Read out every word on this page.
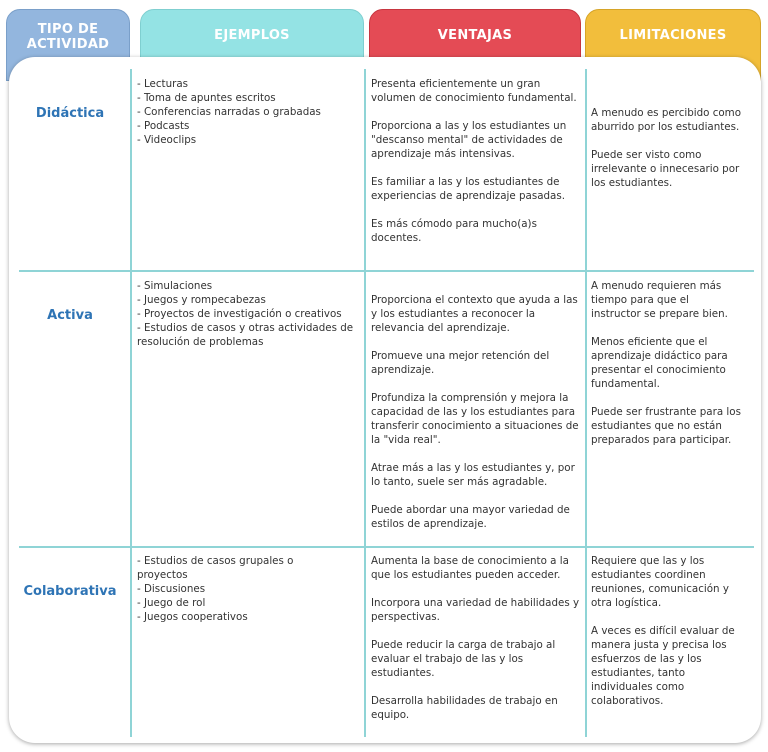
TIPO DE ACTIVIDAD
EJEMPLOS	VENTAJAS	LIMITACIONES
Didáctica
- Lecturas
- Toma de apuntes escritos
- Conferencias narradas o grabadas
- Podcasts
- Videoclips

Presenta eficientemente un gran volumen de conocimiento fundamental.

Proporciona a las y los estudiantes un "descanso mental" de actividades de aprendizaje más intensivas.

Es familiar a las y los estudiantes de experiencias de aprendizaje pasadas.

Es más cómodo para mucho(a)s docentes.

A menudo es percibido como aburrido por los estudiantes.

Puede ser visto como irrelevante o innecesario por los estudiantes.

Activa
- Simulaciones
- Juegos y rompecabezas
- Proyectos de investigación o creativos
- Estudios de casos y otras actividades de resolución de problemas

Proporciona el contexto que ayuda a las y los estudiantes a reconocer la relevancia del aprendizaje.

Promueve una mejor retención del aprendizaje.

Profundiza la comprensión y mejora la capacidad de las y los estudiantes para transferir conocimiento a situaciones de la "vida real".

Atrae más a las y los estudiantes y, por lo tanto, suele ser más agradable.

Puede abordar una mayor variedad de estilos de aprendizaje.

A menudo requieren más tiempo para que el instructor se prepare bien.

Menos eficiente que el aprendizaje didáctico para presentar el conocimiento fundamental.

Puede ser frustrante para los estudiantes que no están preparados para participar.

Colaborativa
- Estudios de casos grupales o proyectos
- Discusiones
- Juego de rol
- Juegos cooperativos

Aumenta la base de conocimiento a la que los estudiantes pueden acceder.

Incorpora una variedad de habilidades y perspectivas.

Puede reducir la carga de trabajo al evaluar el trabajo de las y los estudiantes.

Desarrolla habilidades de trabajo en equipo.

Requiere que las y los estudiantes coordinen reuniones, comunicación y otra logística.

A veces es difícil evaluar de manera justa y precisa los esfuerzos de las y los estudiantes, tanto individuales como colaborativos.
